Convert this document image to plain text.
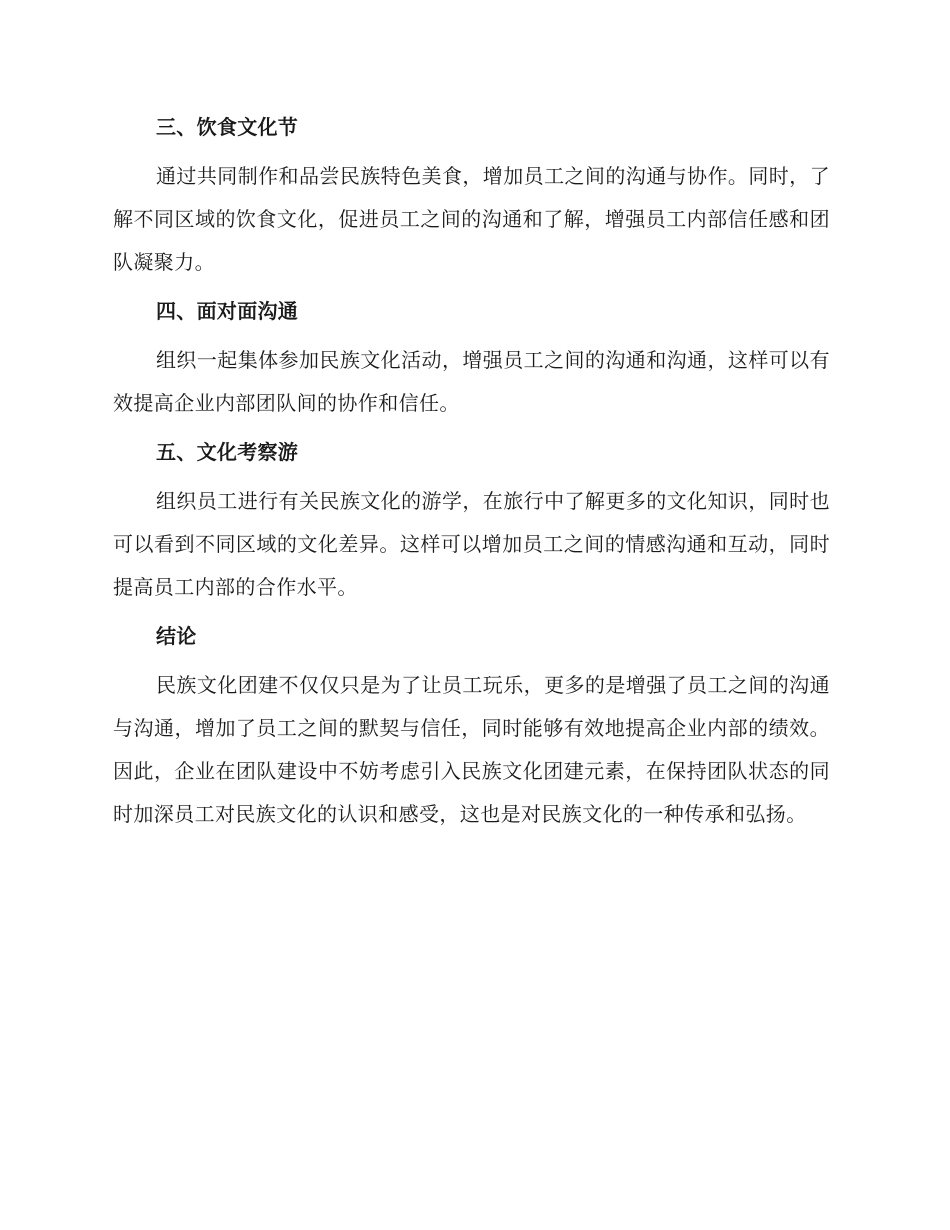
三、饮食文化节

通过共同制作和品尝民族特色美食，增加员工之间的沟通与协作。同时，了解不同区域的饮食文化，促进员工之间的沟通和了解，增强员工内部信任感和团队凝聚力。

四、面对面沟通

组织一起集体参加民族文化活动，增强员工之间的沟通和沟通，这样可以有效提高企业内部团队间的协作和信任。

五、文化考察游

组织员工进行有关民族文化的游学，在旅行中了解更多的文化知识，同时也可以看到不同区域的文化差异。这样可以增加员工之间的情感沟通和互动，同时提高员工内部的合作水平。

结论

民族文化团建不仅仅只是为了让员工玩乐，更多的是增强了员工之间的沟通与沟通，增加了员工之间的默契与信任，同时能够有效地提高企业内部的绩效。因此，企业在团队建设中不妨考虑引入民族文化团建元素，在保持团队状态的同时加深员工对民族文化的认识和感受，这也是对民族文化的一种传承和弘扬。
